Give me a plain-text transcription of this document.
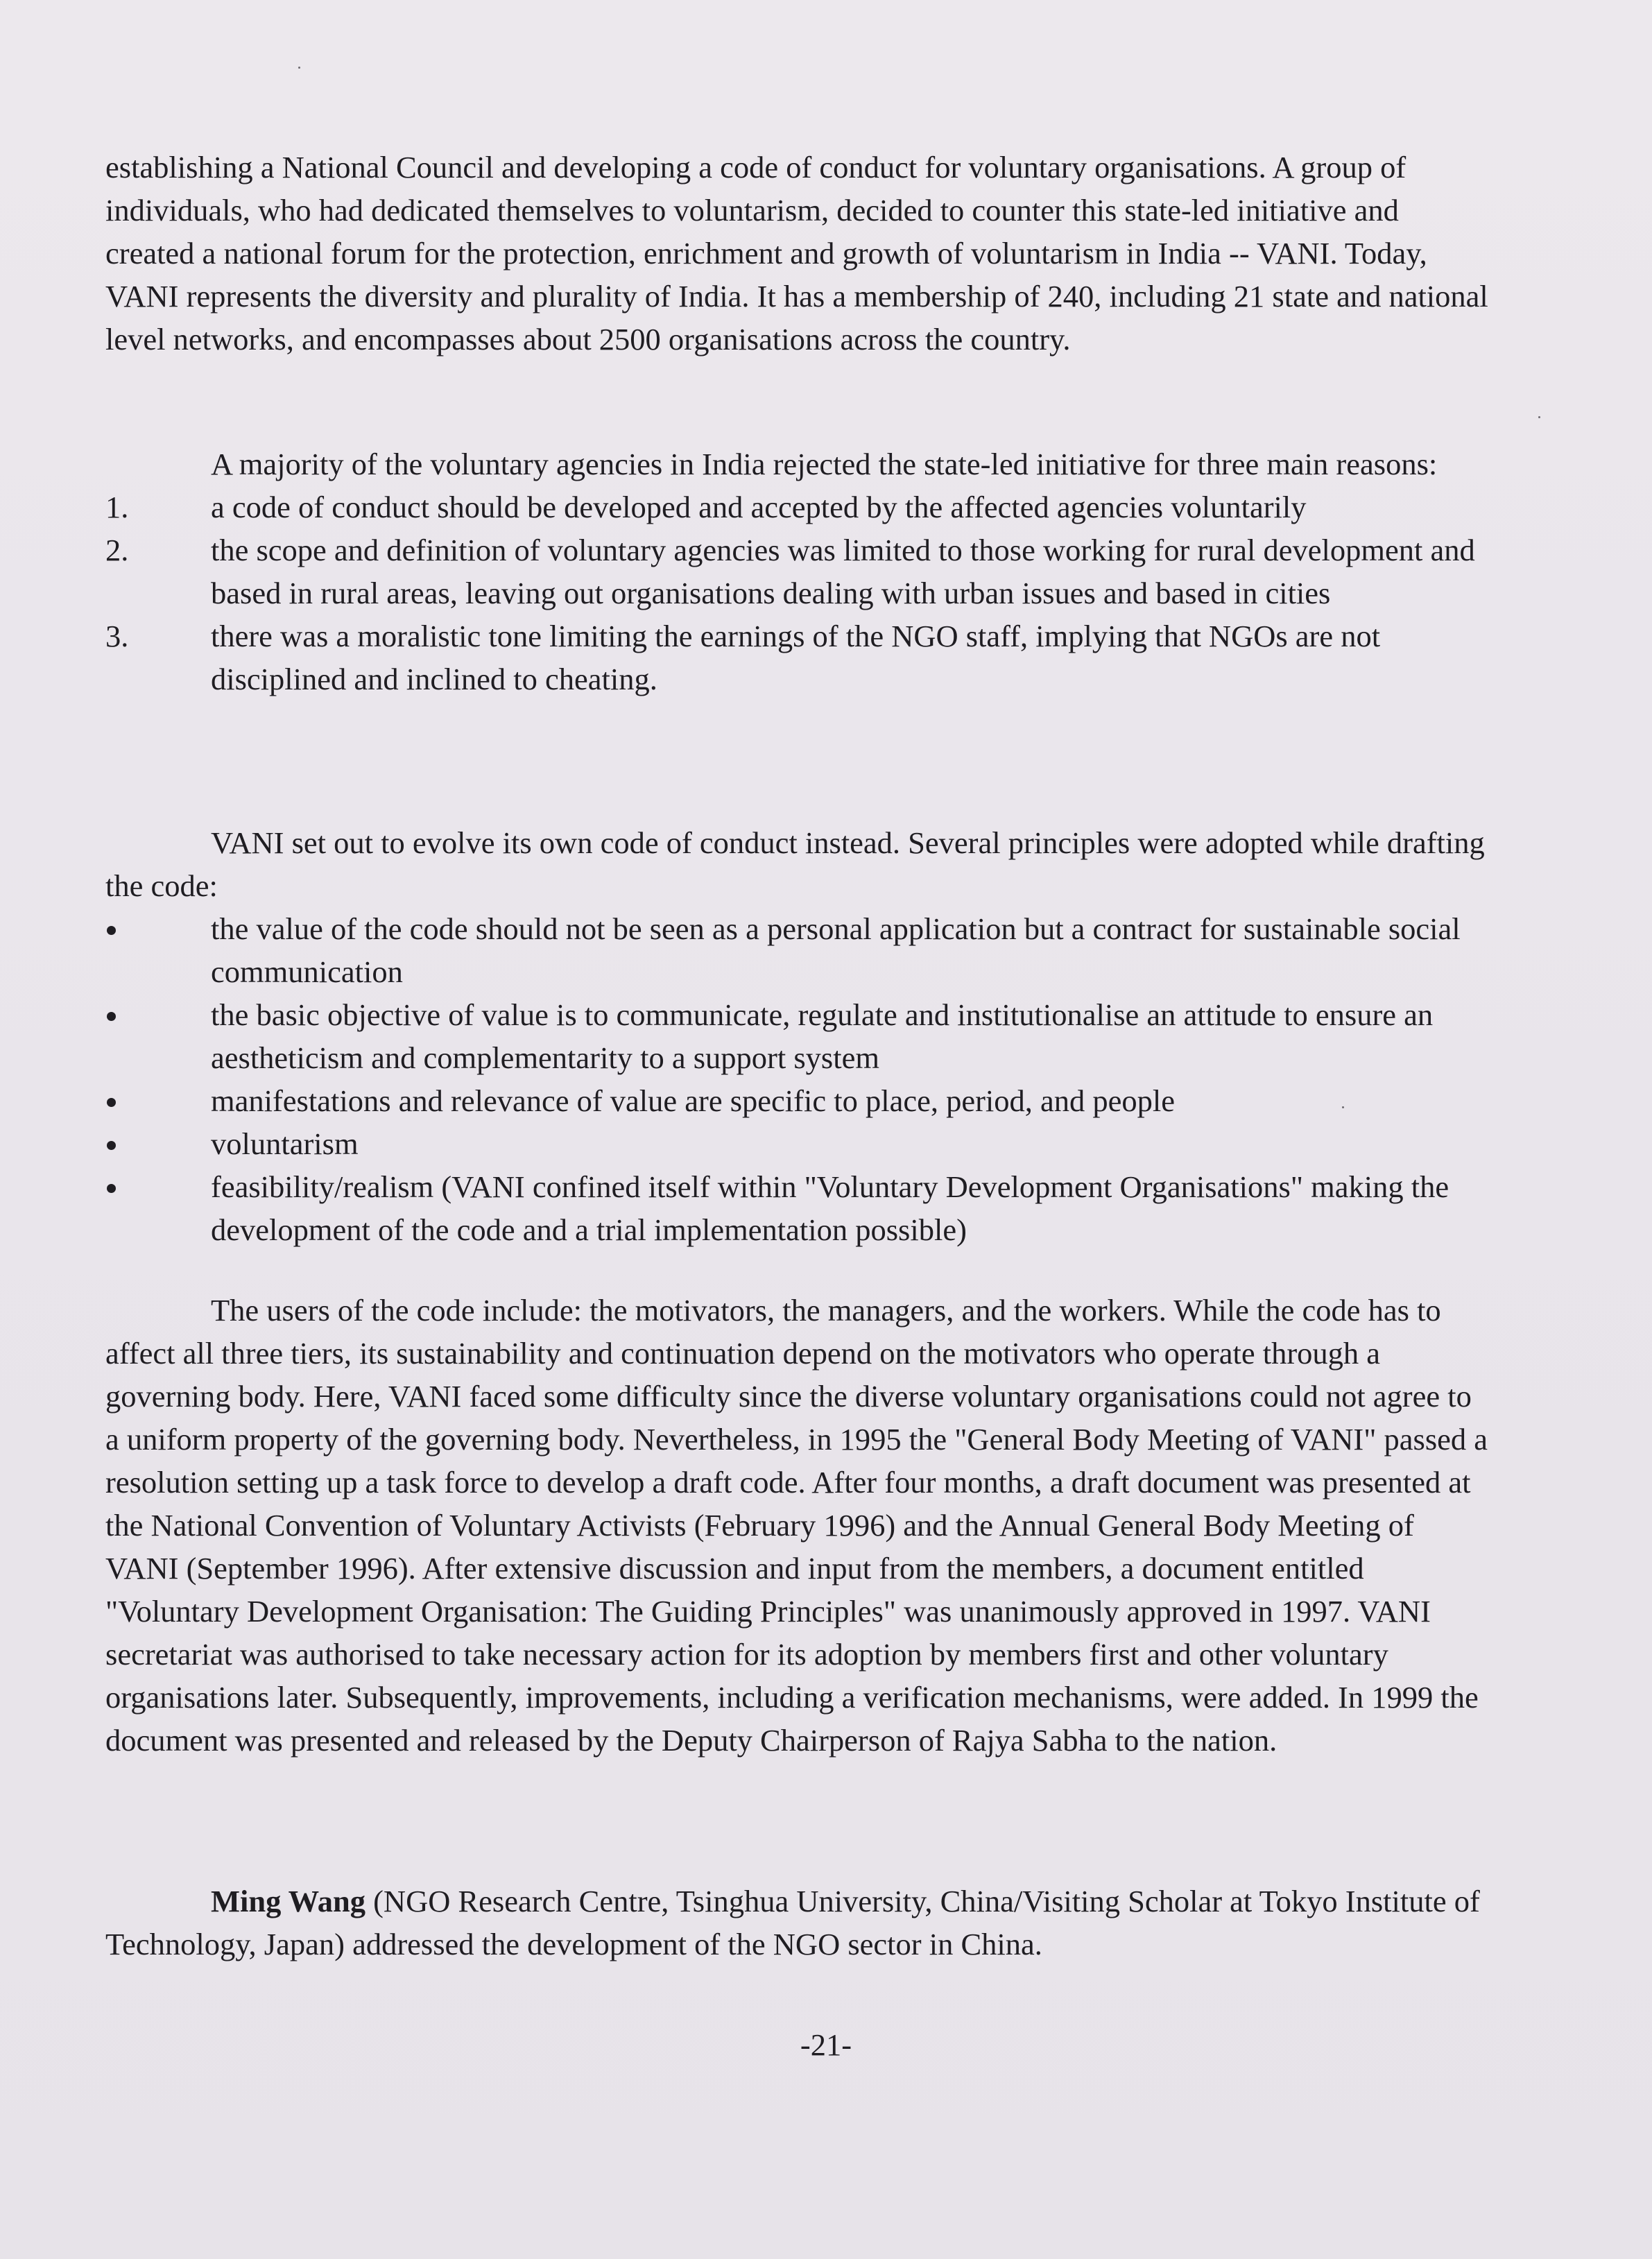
establishing a National Council and developing a code of conduct for voluntary organisations. A group of individuals, who had dedicated themselves to voluntarism, decided to counter this state-led initiative and created a national forum for the protection, enrichment and growth of voluntarism in India -- VANI. Today, VANI represents the diversity and plurality of India. It has a membership of 240, including 21 state and national level networks, and encompasses about 2500 organisations across the country.

A majority of the voluntary agencies in India rejected the state-led initiative for three main reasons:

1.	a code of conduct should be developed and accepted by the affected agencies voluntarily
2.	the scope and definition of voluntary agencies was limited to those working for rural development and based in rural areas, leaving out organisations dealing with urban issues and based in cities
3.	there was a moralistic tone limiting the earnings of the NGO staff, implying that NGOs are not disciplined and inclined to cheating.

VANI set out to evolve its own code of conduct instead. Several principles were adopted while drafting the code:

the value of the code should not be seen as a personal application but a contract for sustainable social communication
the basic objective of value is to communicate, regulate and institutionalise an attitude to ensure an aestheticism and complementarity to a support system
manifestations and relevance of value are specific to place, period, and people
voluntarism
feasibility/realism (VANI confined itself within "Voluntary Development Organisations" making the development of the code and a trial implementation possible)

The users of the code include: the motivators, the managers, and the workers. While the code has to affect all three tiers, its sustainability and continuation depend on the motivators who operate through a governing body. Here, VANI faced some difficulty since the diverse voluntary organisations could not agree to a uniform property of the governing body. Nevertheless, in 1995 the "General Body Meeting of VANI" passed a resolution setting up a task force to develop a draft code. After four months, a draft document was presented at the National Convention of Voluntary Activists (February 1996) and the Annual General Body Meeting of VANI (September 1996). After extensive discussion and input from the members, a document entitled "Voluntary Development Organisation: The Guiding Principles" was unanimously approved in 1997. VANI secretariat was authorised to take necessary action for its adoption by members first and other voluntary organisations later. Subsequently, improvements, including a verification mechanisms, were added. In 1999 the document was presented and released by the Deputy Chairperson of Rajya Sabha to the nation.

Ming Wang (NGO Research Centre, Tsinghua University, China/Visiting Scholar at Tokyo Institute of Technology, Japan) addressed the development of the NGO sector in China.

-21-
